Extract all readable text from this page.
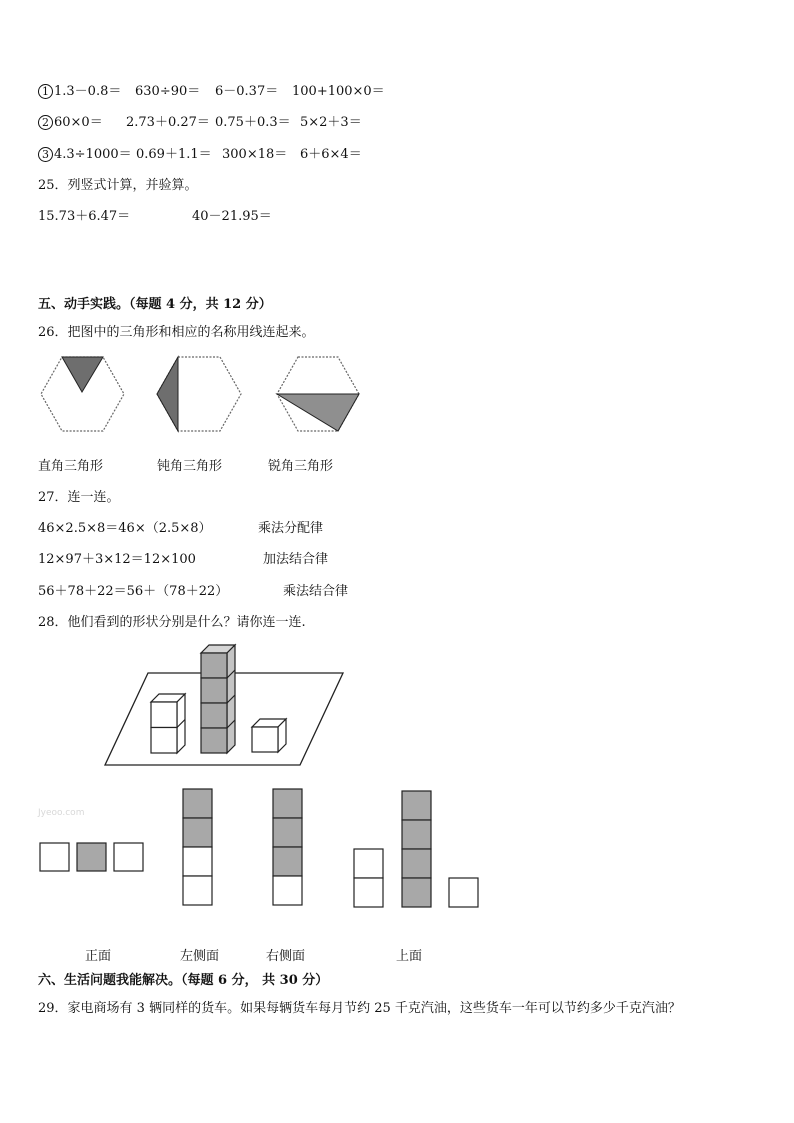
1 1.3－0.8＝ 630÷90＝ 6－0.37＝ 100+100×0＝
2 60×0＝ 2.73＋0.27＝ 0.75＋0.3＝ 5×2＋3＝
3 4.3÷1000＝ 0.69＋1.1＝ 300×18＝ 6＋6×4＝
25．列竖式计算，并验算。
15.73＋6.47＝	40－21.95＝
五、动手实践。（每题 4 分，共 12 分）
26．把图中的三角形和相应的名称用线连起来。
直角三角形	钝角三角形	锐角三角形
27．连一连。
46×2.5×8＝46×（2.5×8）	乘法分配律
12×97＋3×12＝12×100	加法结合律
56＋78＋22＝56＋（78＋22）	乘法结合律
28．他们看到的形状分别是什么？请你连一连.
Jyeoo.com
正面	左侧面	右侧面	上面
六、生活问题我能解决。（每题 6 分， 共 30 分）
29．家电商场有 3 辆同样的货车。如果每辆货车每月节约 25 千克汽油，这些货车一年可以节约多少千克汽油？
